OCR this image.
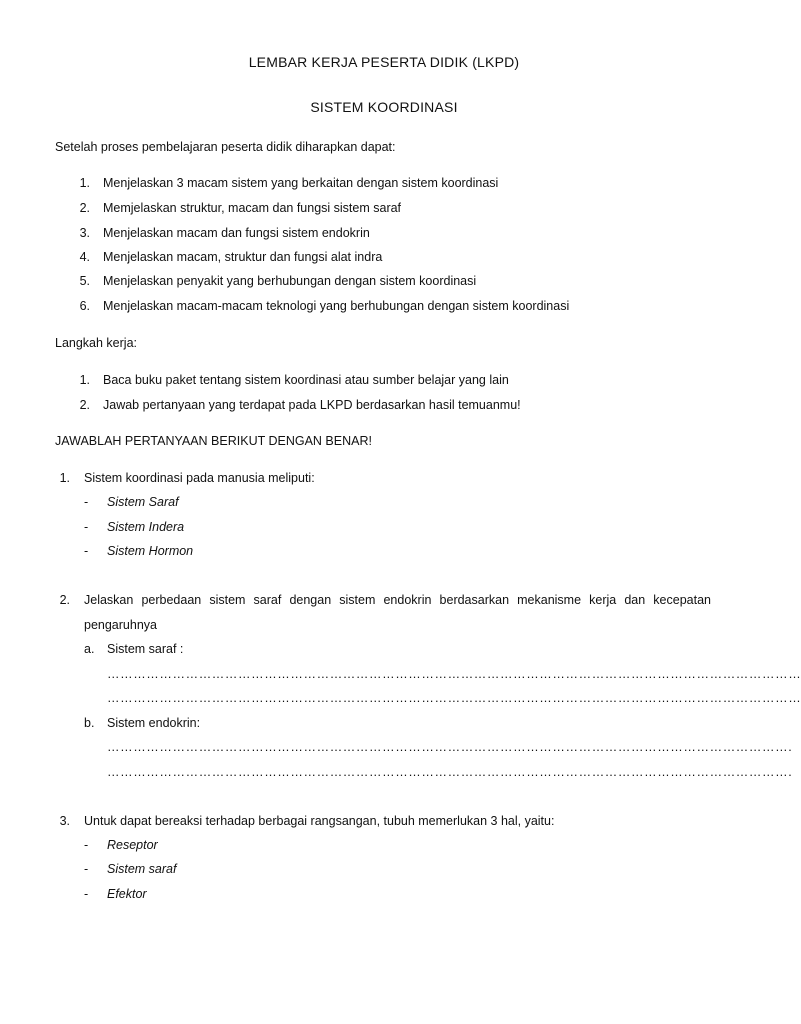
LEMBAR KERJA PESERTA DIDIK (LKPD)
SISTEM KOORDINASI
Setelah proses pembelajaran peserta didik diharapkan dapat:
1. Menjelaskan 3 macam sistem yang berkaitan dengan sistem koordinasi
2. Memjelaskan struktur, macam dan fungsi sistem saraf
3. Menjelaskan macam dan fungsi sistem endokrin
4. Menjelaskan macam, struktur dan fungsi alat indra
5. Menjelaskan penyakit yang berhubungan dengan sistem koordinasi
6. Menjelaskan macam-macam teknologi yang berhubungan dengan sistem koordinasi
Langkah kerja:
1. Baca buku paket tentang sistem koordinasi atau sumber belajar yang lain
2. Jawab pertanyaan yang terdapat pada LKPD berdasarkan hasil temuanmu!
JAWABLAH PERTANYAAN BERIKUT DENGAN BENAR!
1. Sistem koordinasi pada manusia meliputi:
-	Sistem Saraf
-	Sistem Indera
-	Sistem Hormon
2. Jelaskan perbedaan sistem saraf dengan sistem endokrin berdasarkan mekanisme kerja dan kecepatan
pengaruhnya
a. Sistem saraf :
……………………………………………………………………………………………………………………………………………
……………………………………………………………………………………………………………………………………………
b. Sistem endokrin:
………………………………………………………………………………………………………………………………………….
………………………………………………………………………………………………………………………………………….
3. Untuk dapat bereaksi terhadap berbagai rangsangan, tubuh memerlukan 3 hal, yaitu:
-	Reseptor
-	Sistem saraf
-	Efektor
